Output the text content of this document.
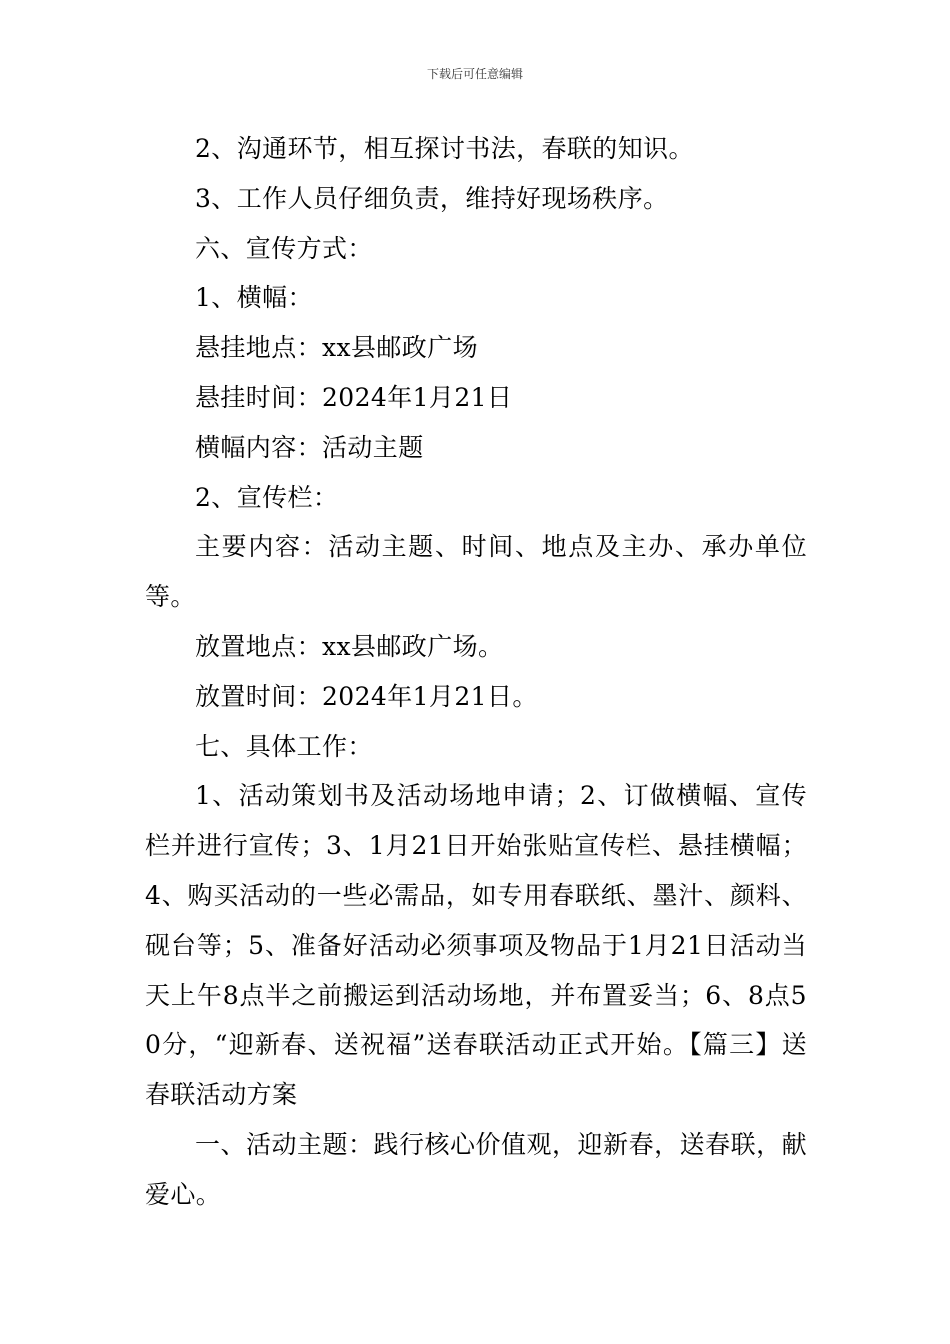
下载后可任意编辑

2、沟通环节，相互探讨书法，春联的知识。

3、工作人员仔细负责，维持好现场秩序。

六、宣传方式：

1、横幅：

悬挂地点：xx县邮政广场

悬挂时间：2024年1月21日

横幅内容：活动主题

2、宣传栏：

主要内容：活动主题、时间、地点及主办、承办单位等。

放置地点：xx县邮政广场。

放置时间：2024年1月21日。

七、具体工作：

1、活动策划书及活动场地申请；2、订做横幅、宣传栏并进行宣传；3、1月21日开始张贴宣传栏、悬挂横幅；4、购买活动的一些必需品，如专用春联纸、墨汁、颜料、砚台等；5、准备好活动必须事项及物品于1月21日活动当天上午8点半之前搬运到活动场地，并布置妥当；6、8点50分，“迎新春、送祝福”送春联活动正式开始。【篇三】送春联活动方案

一、活动主题：践行核心价值观，迎新春，送春联，献爱心。
